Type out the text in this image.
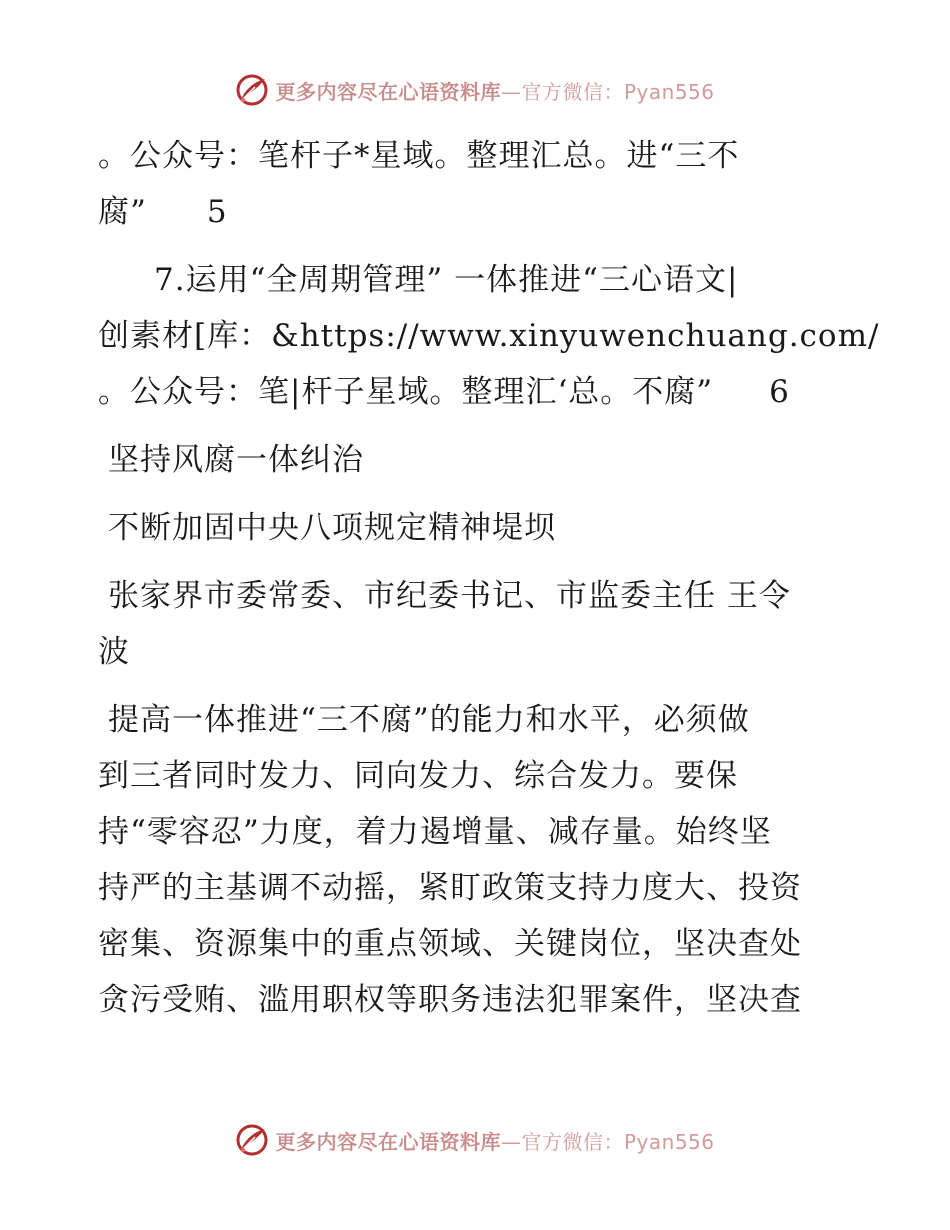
更多内容尽在心语资料库—官方微信：Pyan556
。公众号：笔杆子*星域。整理汇总。进“三不
腐” 5
7.运用“全周期管理” 一体推进“三心语文|
创素材[库：&https://www.xinyuwenchuang.com/
。公众号：笔|杆子星域。整理汇ʻ总。不腐” 6
坚持风腐一体纠治
不断加固中央八项规定精神堤坝
张家界市委常委、市纪委书记、市监委主任 王令
波
提高一体推进“三不腐”的能力和水平，必须做
到三者同时发力、同向发力、综合发力。要保
持“零容忍”力度，着力遏增量、减存量。始终坚
持严的主基调不动摇，紧盯政策支持力度大、投资
密集、资源集中的重点领域、关键岗位，坚决查处
贪污受贿、滥用职权等职务违法犯罪案件，坚决查
更多内容尽在心语资料库—官方微信：Pyan556
